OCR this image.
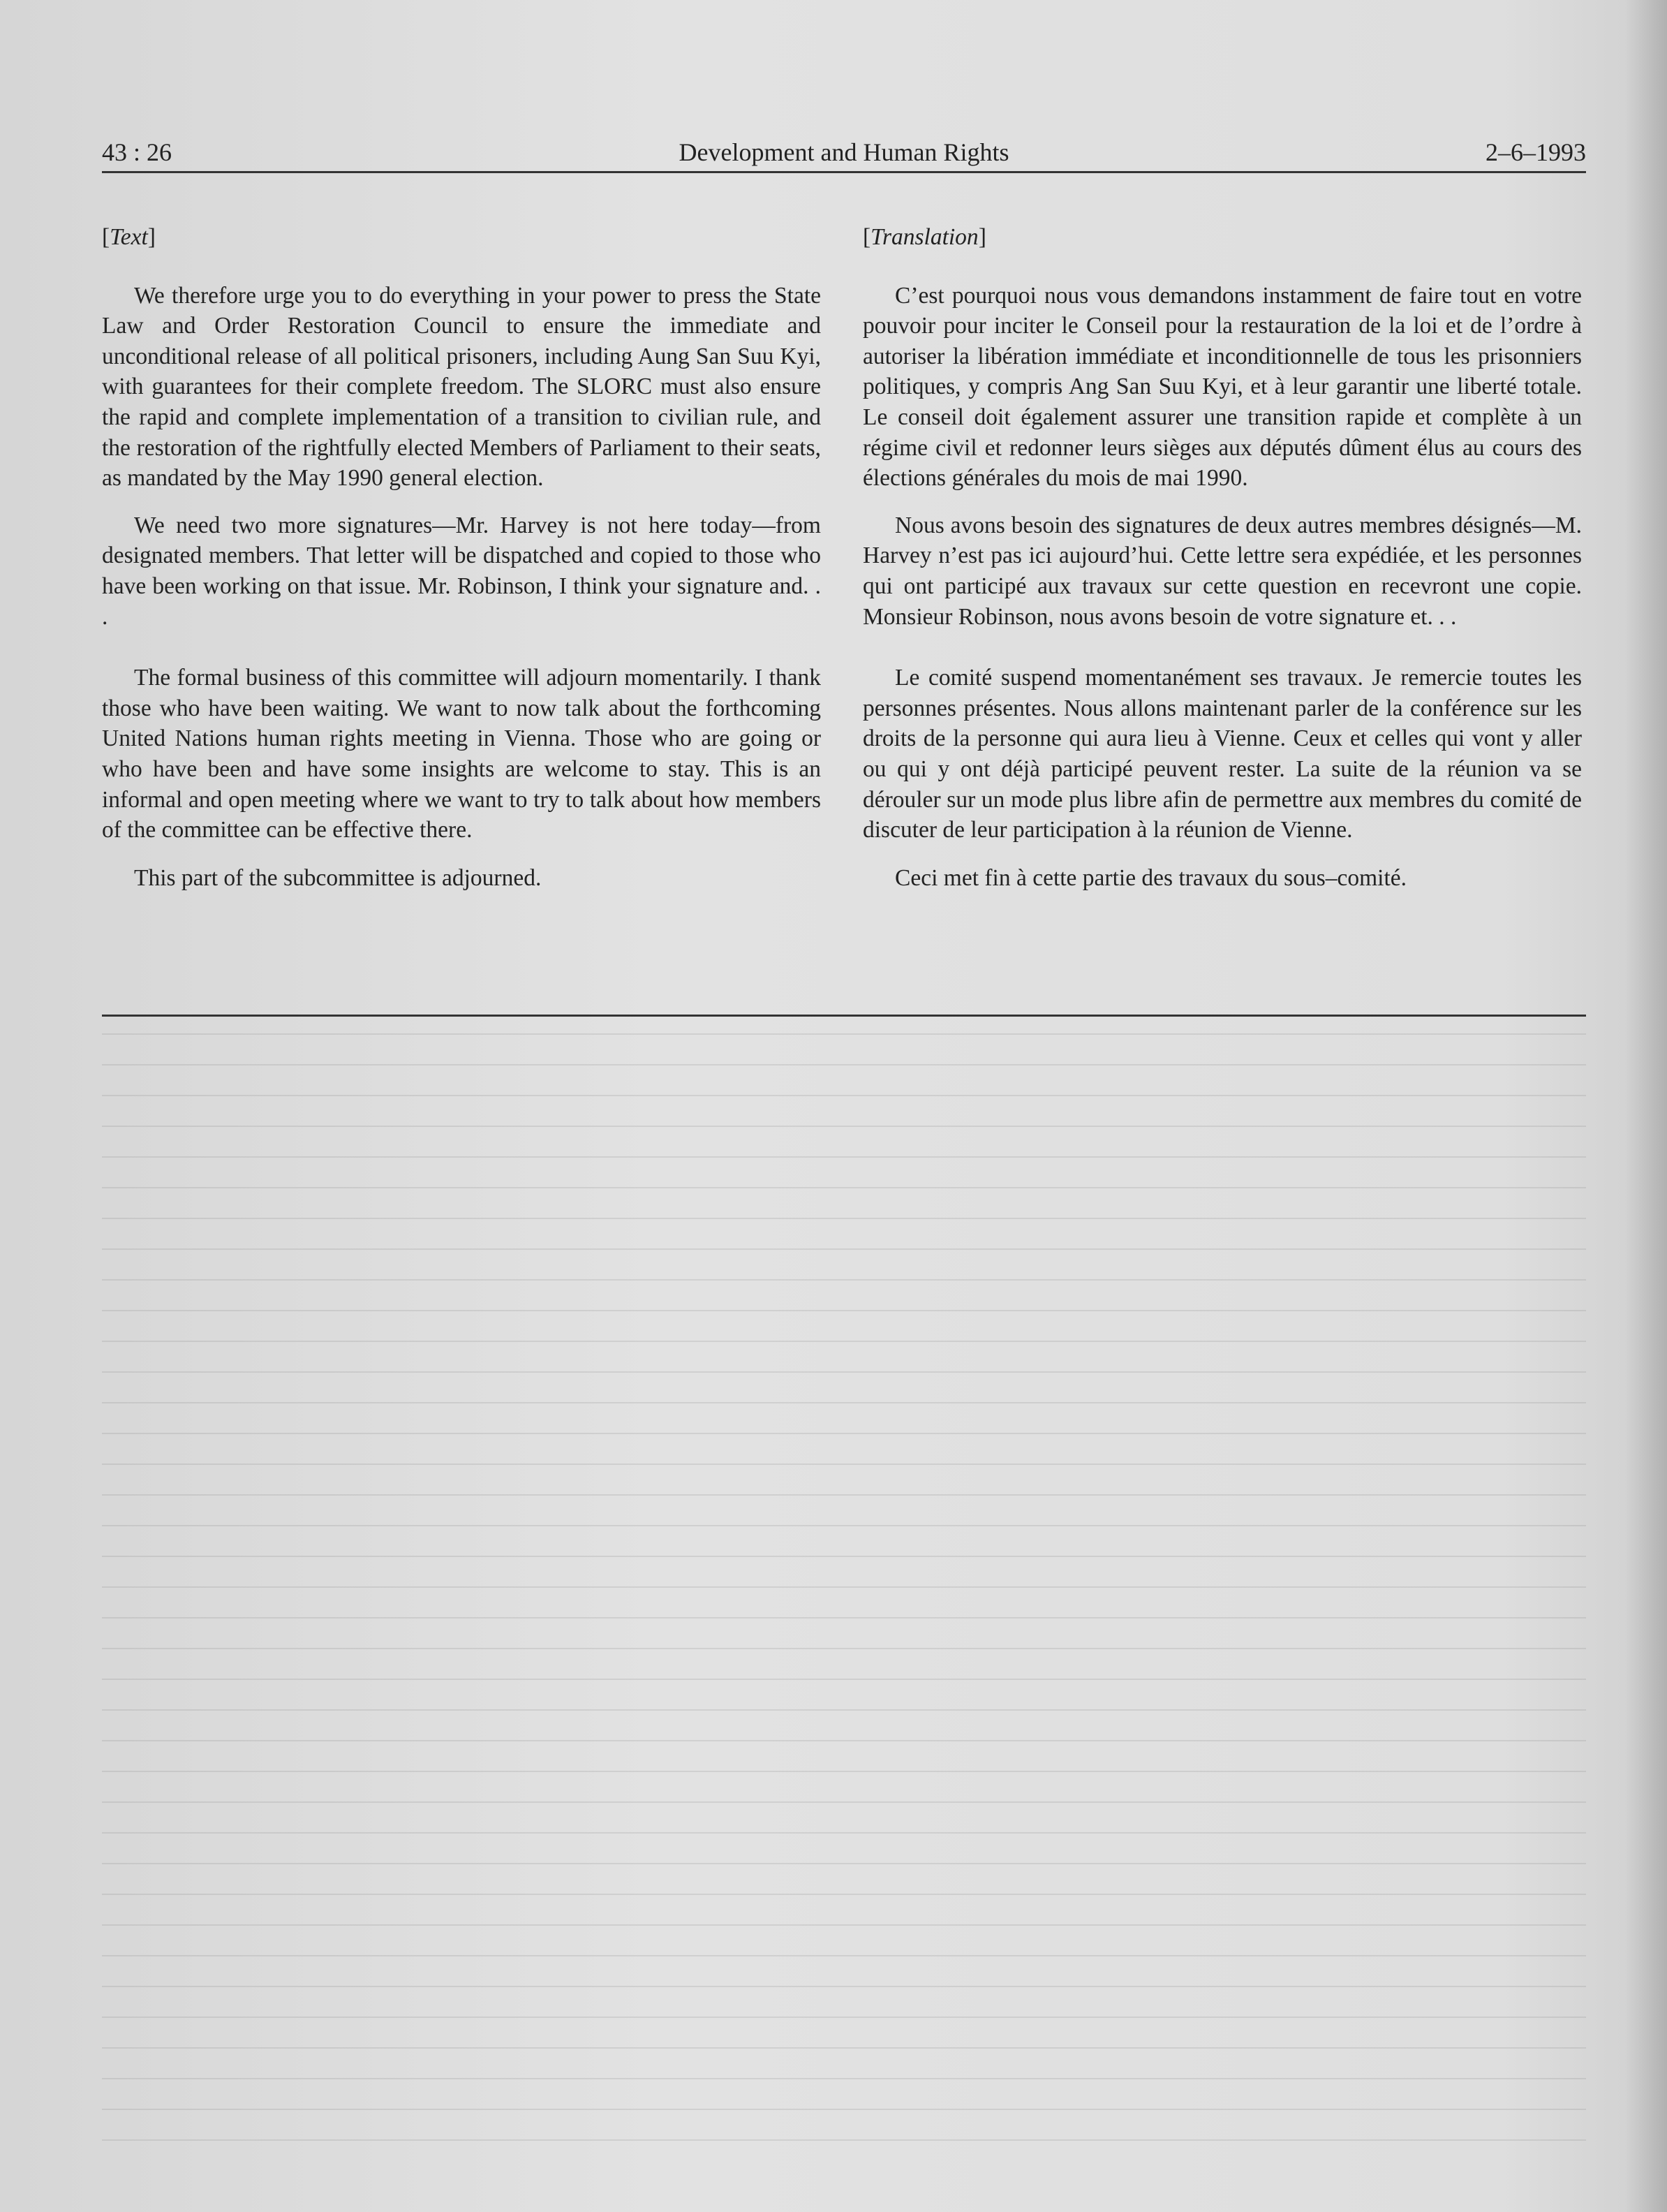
43 : 26	Development and Human Rights	2–6–1993
[Text]

We therefore urge you to do everything in your power to press the State Law and Order Restoration Council to ensure the immediate and unconditional release of all political prisoners, including Aung San Suu Kyi, with guarantees for their complete freedom. The SLORC must also ensure the rapid and complete implementation of a transition to civilian rule, and the restoration of the rightfully elected Members of Parliament to their seats, as mandated by the May 1990 general election.

We need two more signatures—Mr. Harvey is not here today—from designated members. That letter will be dispatched and copied to those who have been working on that issue. Mr. Robinson, I think your signature and. . .

The formal business of this committee will adjourn momentarily. I thank those who have been waiting. We want to now talk about the forthcoming United Nations human rights meeting in Vienna. Those who are going or who have been and have some insights are welcome to stay. This is an informal and open meeting where we want to try to talk about how members of the committee can be effective there.

This part of the subcommittee is adjourned.

[Translation]

C’est pourquoi nous vous demandons instamment de faire tout en votre pouvoir pour inciter le Conseil pour la restauration de la loi et de l’ordre à autoriser la libération immédiate et inconditionnelle de tous les prisonniers politiques, y compris Ang San Suu Kyi, et à leur garantir une liberté totale. Le conseil doit également assurer une transition rapide et complète à un régime civil et redonner leurs sièges aux députés dûment élus au cours des élections générales du mois de mai 1990.

Nous avons besoin des signatures de deux autres membres désignés—M. Harvey n’est pas ici aujourd’hui. Cette lettre sera expédiée, et les personnes qui ont participé aux travaux sur cette question en recevront une copie. Monsieur Robinson, nous avons besoin de votre signature et. . .

Le comité suspend momentanément ses travaux. Je remercie toutes les personnes présentes. Nous allons maintenant parler de la conférence sur les droits de la personne qui aura lieu à Vienne. Ceux et celles qui vont y aller ou qui y ont déjà participé peuvent rester. La suite de la réunion va se dérouler sur un mode plus libre afin de permettre aux membres du comité de discuter de leur participation à la réunion de Vienne.

Ceci met fin à cette partie des travaux du sous–comité.
